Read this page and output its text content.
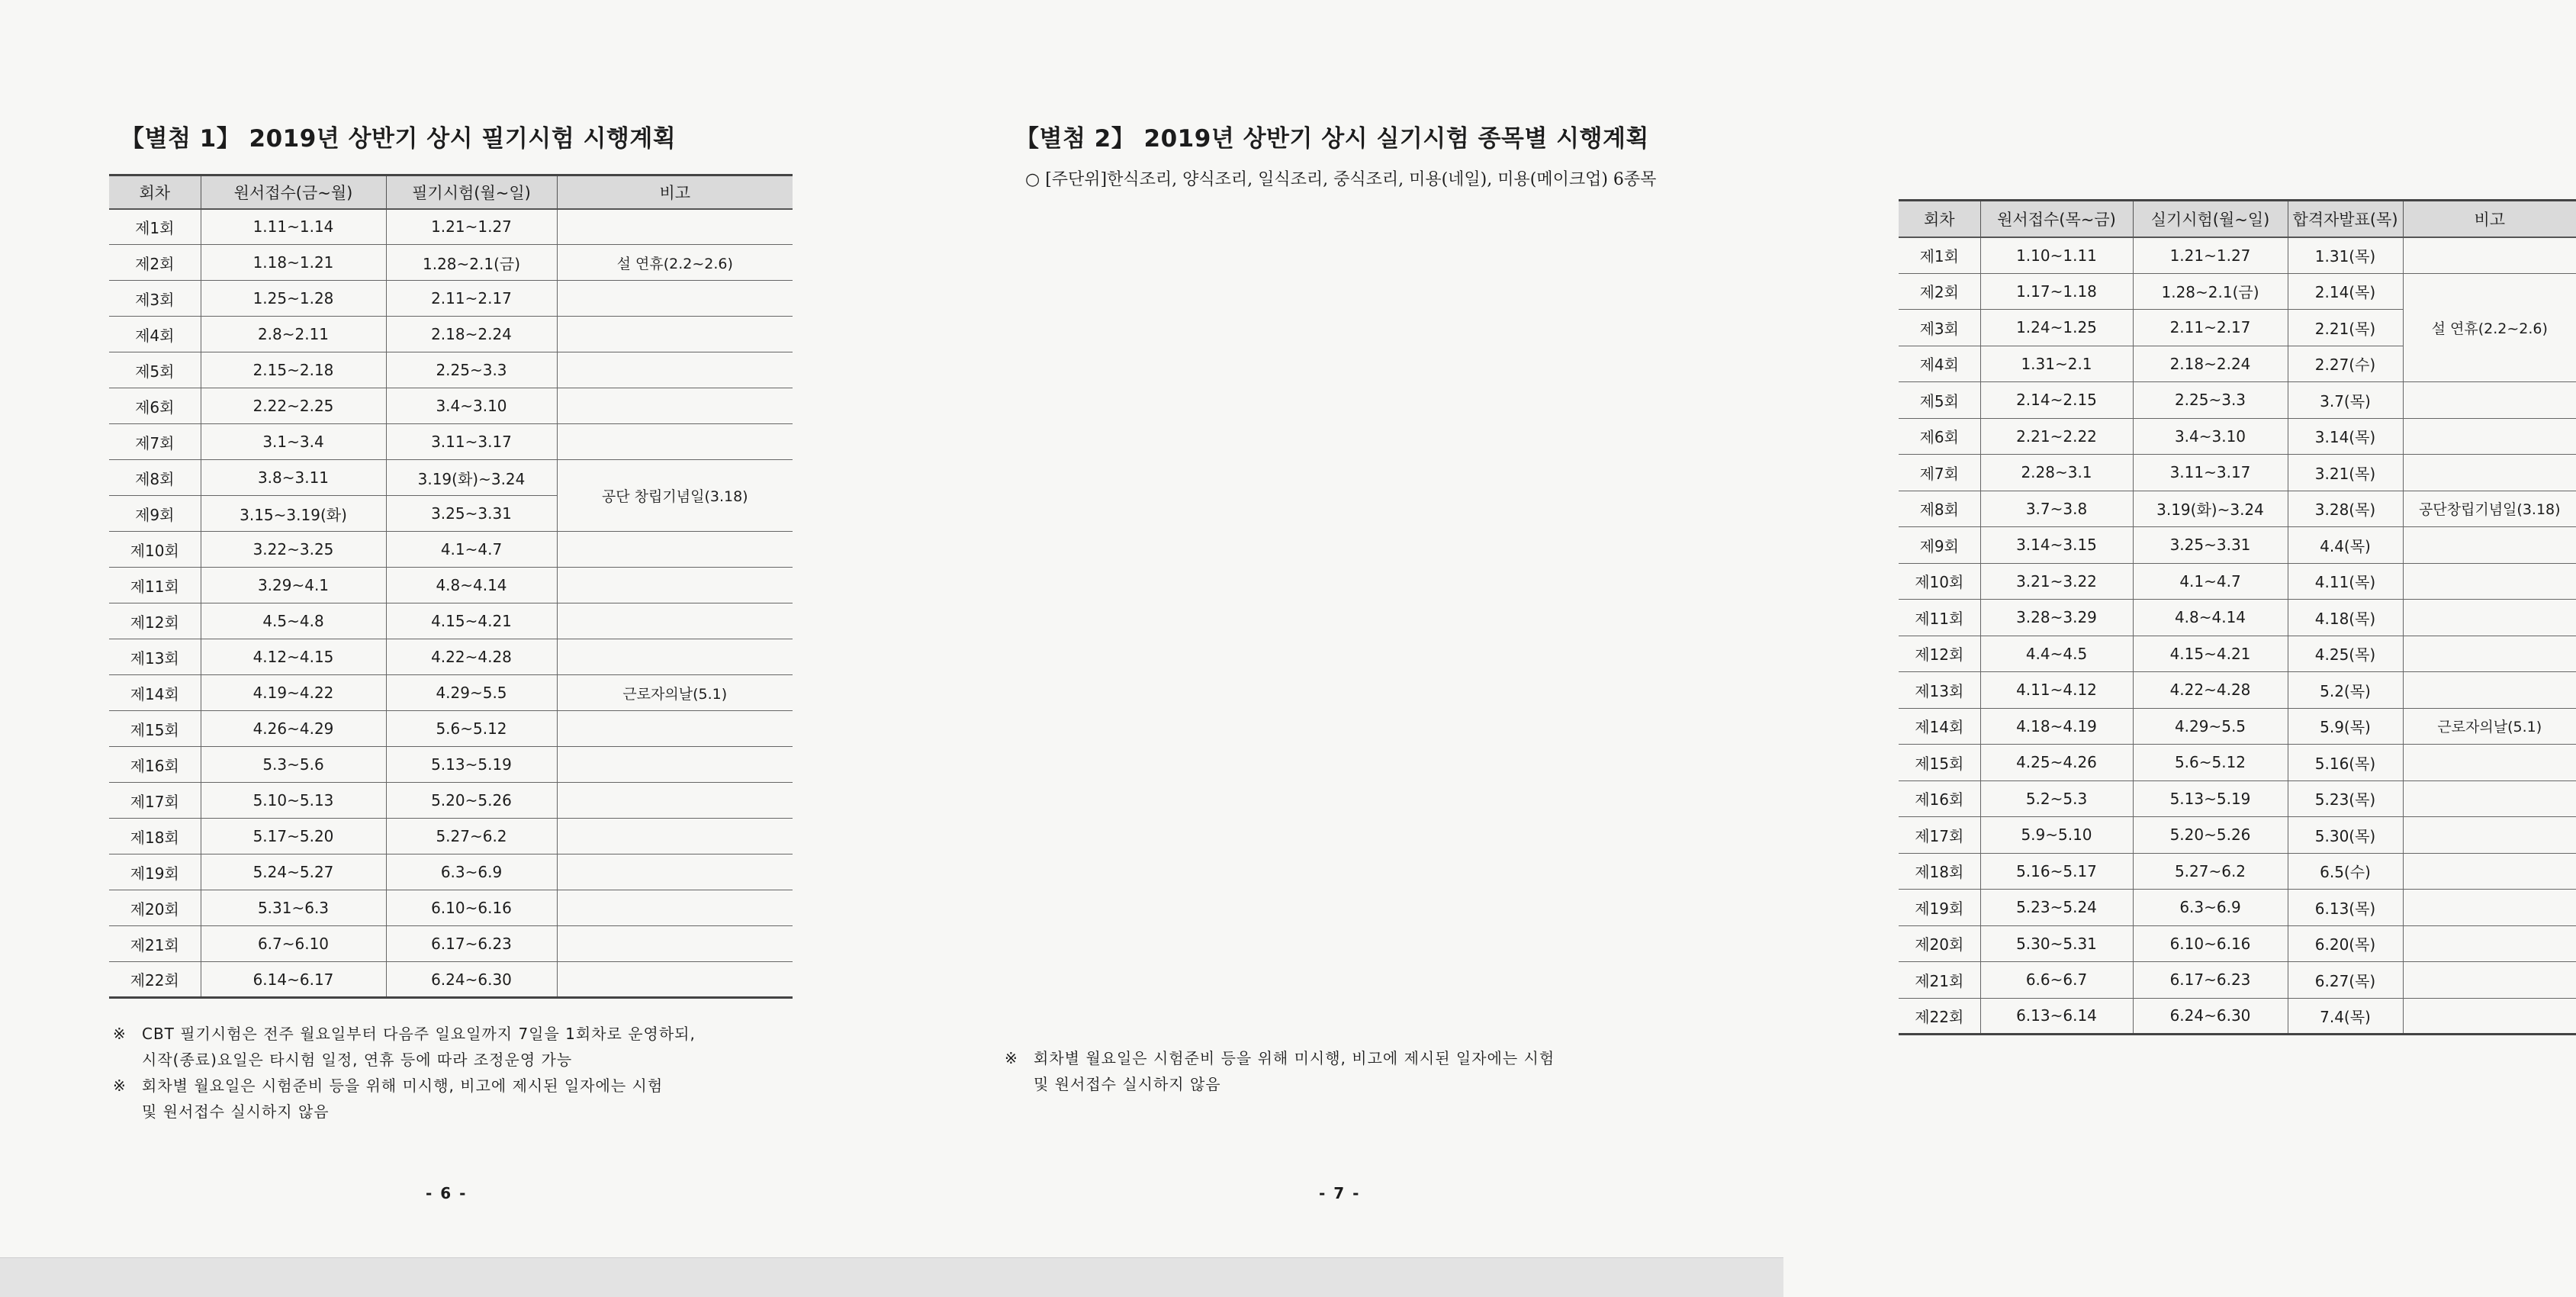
【별첨 1】 2019년 상반기 상시 필기시험 시행계획
회차	원서접수(금~월)	필기시험(월~일)	비고
제1회	1.11~1.14	1.21~1.27	
제2회	1.18~1.21	1.28~2.1(금)	설 연휴(2.2~2.6)
제3회	1.25~1.28	2.11~2.17	
제4회	2.8~2.11	2.18~2.24	
제5회	2.15~2.18	2.25~3.3	
제6회	2.22~2.25	3.4~3.10	
제7회	3.1~3.4	3.11~3.17	
제8회	3.8~3.11	3.19(화)~3.24	공단 창립기념일(3.18)
제9회	3.15~3.19(화)	3.25~3.31	
제10회	3.22~3.25	4.1~4.7	
제11회	3.29~4.1	4.8~4.14	
제12회	4.5~4.8	4.15~4.21	
제13회	4.12~4.15	4.22~4.28	
제14회	4.19~4.22	4.29~5.5	근로자의날(5.1)
제15회	4.26~4.29	5.6~5.12	
제16회	5.3~5.6	5.13~5.19	
제17회	5.10~5.13	5.20~5.26	
제18회	5.17~5.20	5.27~6.2	
제19회	5.24~5.27	6.3~6.9	
제20회	5.31~6.3	6.10~6.16	
제21회	6.7~6.10	6.17~6.23	
제22회	6.14~6.17	6.24~6.30	
※	CBT 필기시험은 전주 월요일부터 다음주 일요일까지 7일을 1회차로 운영하되,
시작(종료)요일은 타시험 일정, 연휴 등에 따라 조정운영 가능
※	회차별 월요일은 시험준비 등을 위해 미시행, 비고에 제시된 일자에는 시험
및 원서접수 실시하지 않음
- 6 -
【별첨 2】 2019년 상반기 상시 실기시험 종목별 시행계획
○ [주단위]한식조리, 양식조리, 일식조리, 중식조리, 미용(네일), 미용(메이크업) 6종목
회차	원서접수(목~금)	실기시험(월~일)	합격자발표(목)	비고
제1회	1.10~1.11	1.21~1.27	1.31(목)	
제2회	1.17~1.18	1.28~2.1(금)	2.14(목)	설 연휴(2.2~2.6)
제3회	1.24~1.25	2.11~2.17	2.21(목)	
제4회	1.31~2.1	2.18~2.24	2.27(수)	
제5회	2.14~2.15	2.25~3.3	3.7(목)	
제6회	2.21~2.22	3.4~3.10	3.14(목)	
제7회	2.28~3.1	3.11~3.17	3.21(목)	
제8회	3.7~3.8	3.19(화)~3.24	3.28(목)	공단창립기념일(3.18)
제9회	3.14~3.15	3.25~3.31	4.4(목)	
제10회	3.21~3.22	4.1~4.7	4.11(목)	
제11회	3.28~3.29	4.8~4.14	4.18(목)	
제12회	4.4~4.5	4.15~4.21	4.25(목)	
제13회	4.11~4.12	4.22~4.28	5.2(목)	
제14회	4.18~4.19	4.29~5.5	5.9(목)	근로자의날(5.1)
제15회	4.25~4.26	5.6~5.12	5.16(목)	
제16회	5.2~5.3	5.13~5.19	5.23(목)	
제17회	5.9~5.10	5.20~5.26	5.30(목)	
제18회	5.16~5.17	5.27~6.2	6.5(수)	
제19회	5.23~5.24	6.3~6.9	6.13(목)	
제20회	5.30~5.31	6.10~6.16	6.20(목)	
제21회	6.6~6.7	6.17~6.23	6.27(목)	
제22회	6.13~6.14	6.24~6.30	7.4(목)	
※	회차별 월요일은 시험준비 등을 위해 미시행, 비고에 제시된 일자에는 시험
및 원서접수 실시하지 않음
- 7 -
